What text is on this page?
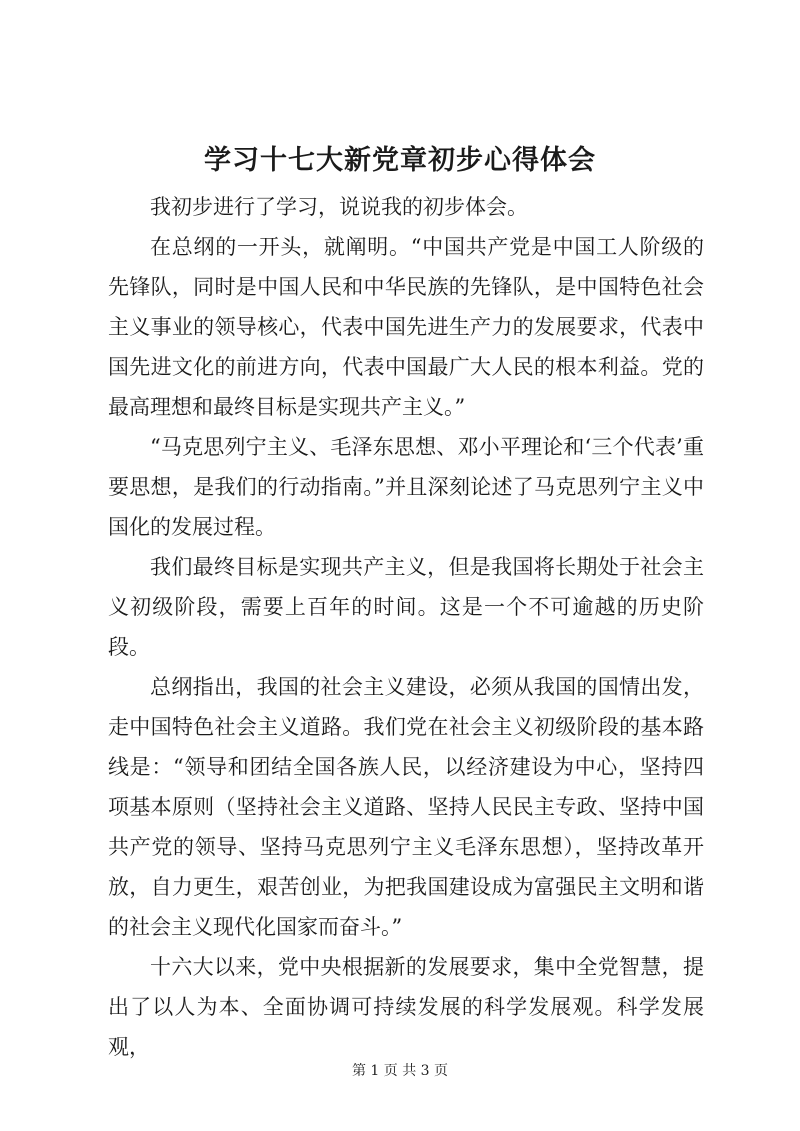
学习十七大新党章初步心得体会

我初步进行了学习，说说我的初步体会。

在总纲的一开头，就阐明。“中国共产党是中国工人阶级的先锋队，同时是中国人民和中华民族的先锋队，是中国特色社会主义事业的领导核心，代表中国先进生产力的发展要求，代表中国先进文化的前进方向，代表中国最广大人民的根本利益。党的最高理想和最终目标是实现共产主义。”

“马克思列宁主义、毛泽东思想、邓小平理论和‘三个代表’重要思想，是我们的行动指南。”并且深刻论述了马克思列宁主义中国化的发展过程。

我们最终目标是实现共产主义，但是我国将长期处于社会主义初级阶段，需要上百年的时间。这是一个不可逾越的历史阶段。

总纲指出，我国的社会主义建设，必须从我国的国情出发，走中国特色社会主义道路。我们党在社会主义初级阶段的基本路线是：“领导和团结全国各族人民，以经济建设为中心，坚持四项基本原则（坚持社会主义道路、坚持人民民主专政、坚持中国共产党的领导、坚持马克思列宁主义毛泽东思想），坚持改革开放，自力更生，艰苦创业，为把我国建设成为富强民主文明和谐的社会主义现代化国家而奋斗。”

十六大以来，党中央根据新的发展要求，集中全党智慧，提出了以人为本、全面协调可持续发展的科学发展观。科学发展观，

第 1 页 共 3 页
